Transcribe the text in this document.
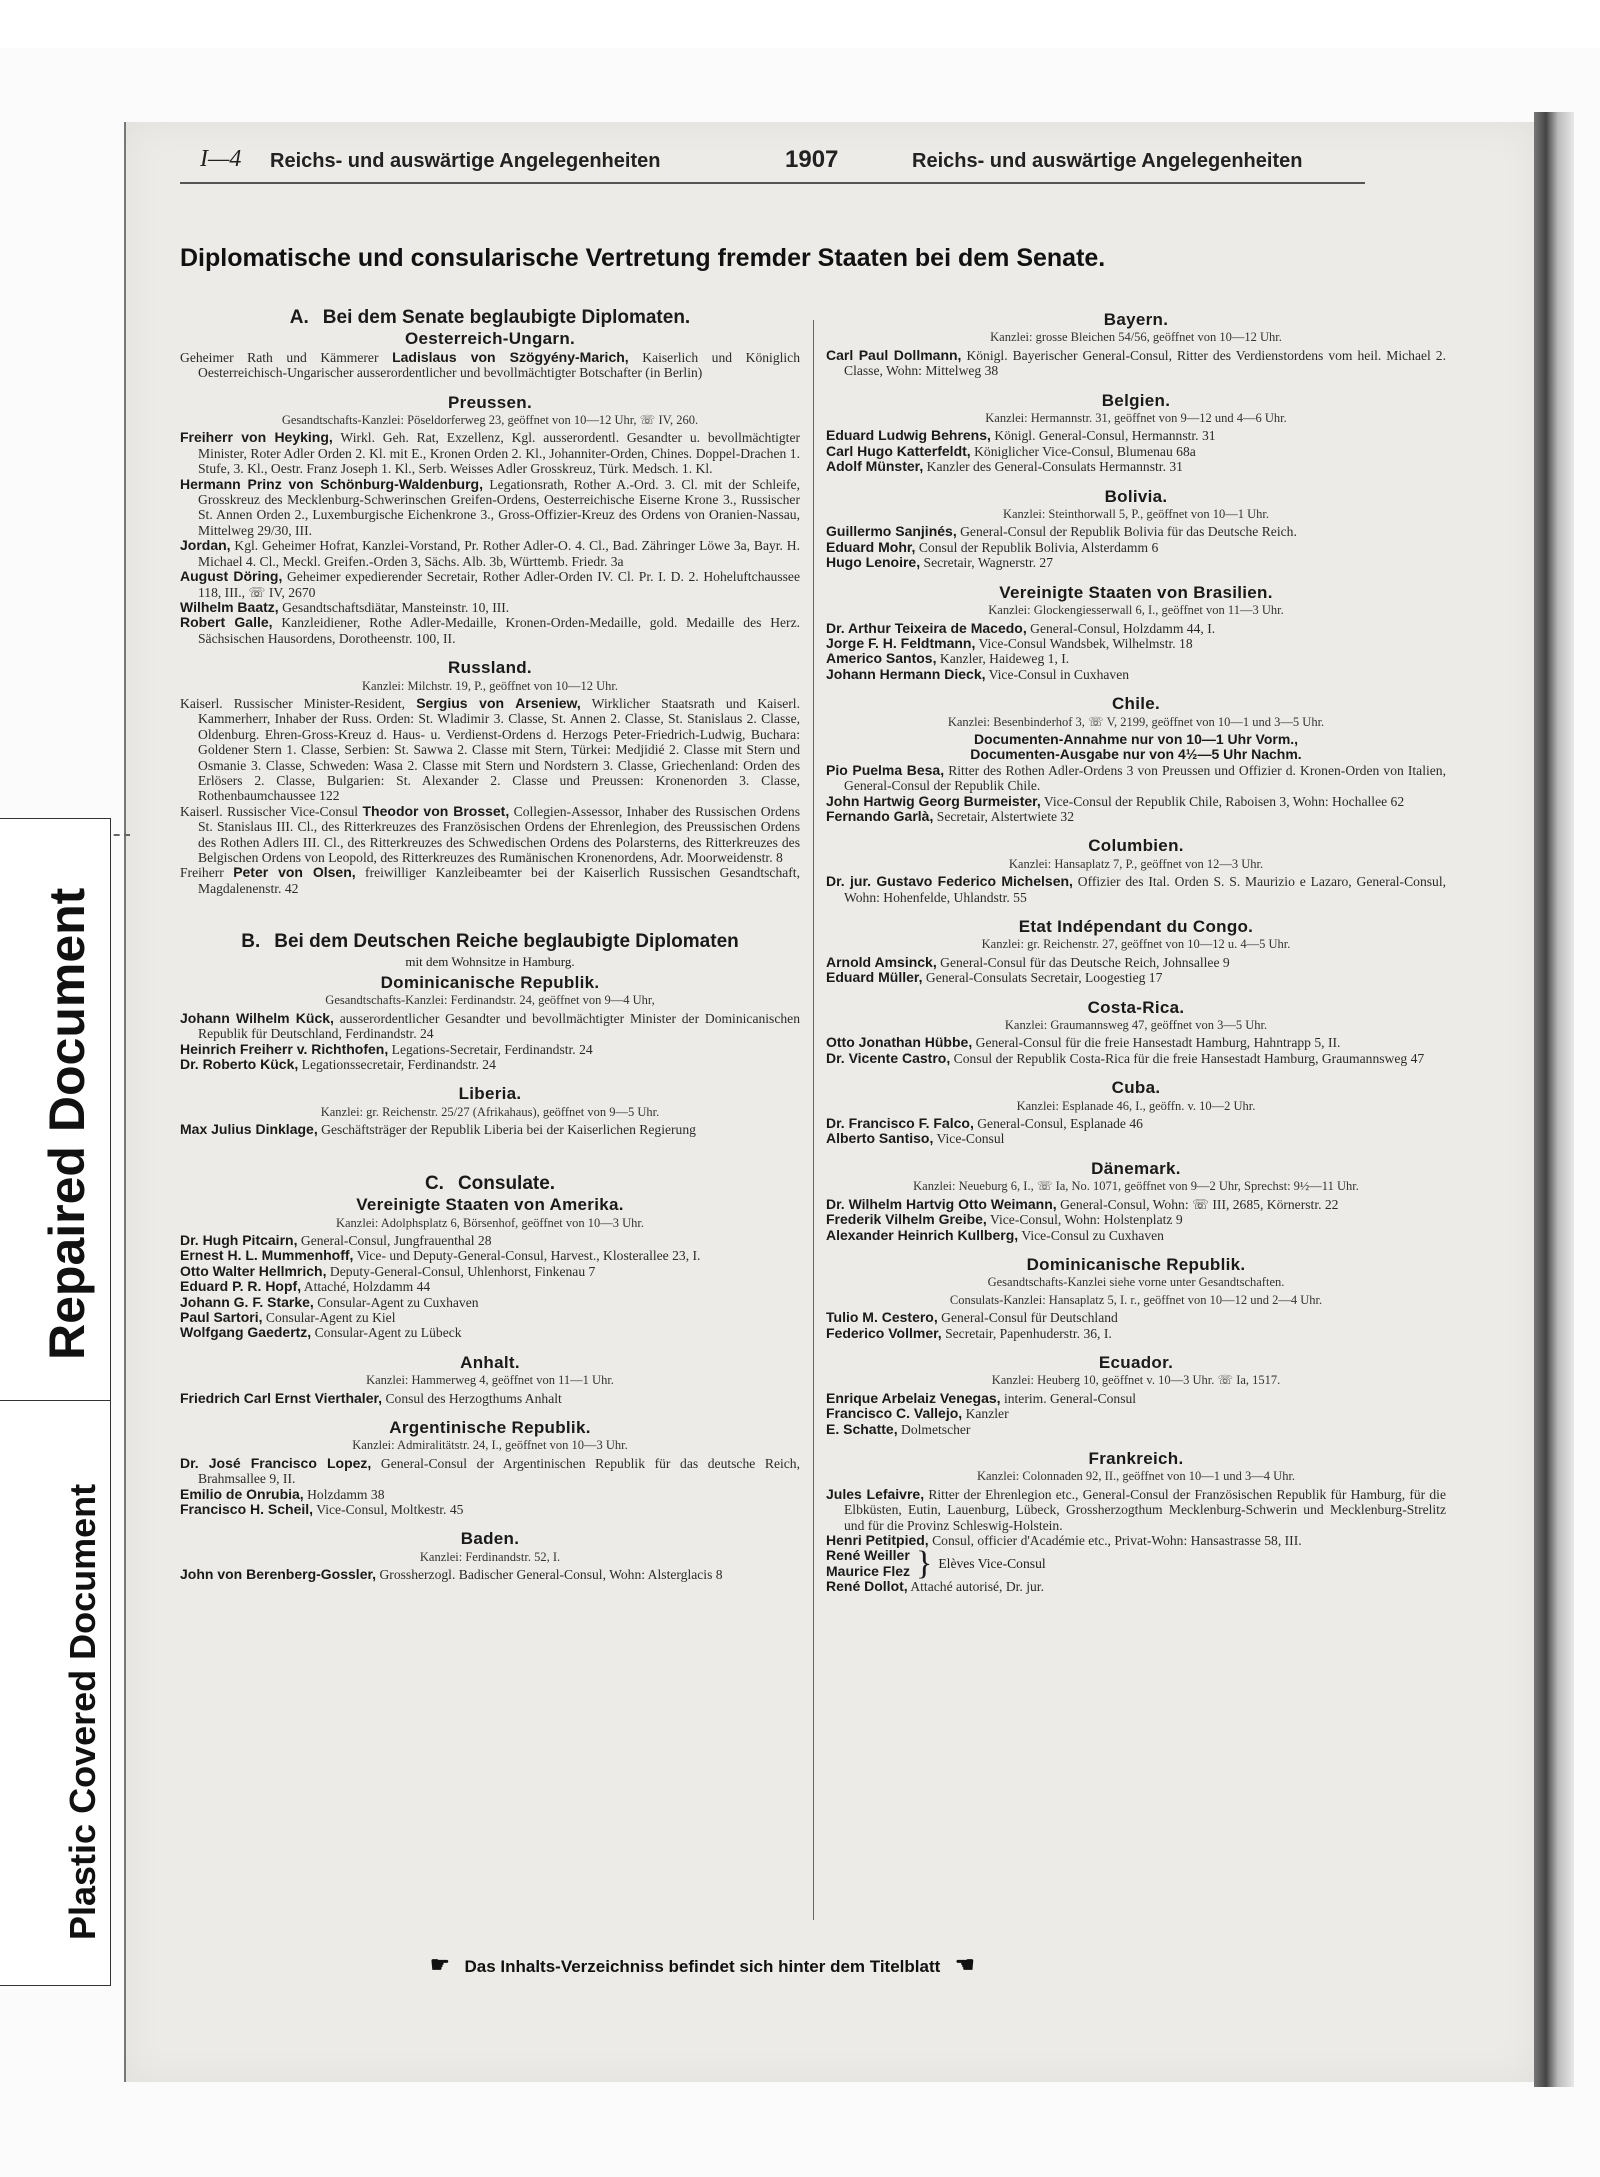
Repaired Document
Plastic Covered Document
I—4 Reichs- und auswärtige Angelegenheiten	1907	Reichs- und auswärtige Angelegenheiten
Diplomatische und consularische Vertretung fremder Staaten bei dem Senate.
A. Bei dem Senate beglaubigte Diplomaten.
Oesterreich-Ungarn.

Geheimer Rath und Kämmerer Ladislaus von Szögyény-Marich, Kaiserlich und Königlich Oesterreichisch-Ungarischer ausserordentlicher und bevollmächtigter Botschafter (in Berlin)

Preussen.
Gesandtschafts-Kanzlei: Pöseldorferweg 23, geöffnet von 10—12 Uhr, ☏ IV, 260.

Freiherr von Heyking, Wirkl. Geh. Rat, Exzellenz, Kgl. ausserordentl. Gesandter u. bevollmächtigter Minister, Roter Adler Orden 2. Kl. mit E., Kronen Orden 2. Kl., Johanniter-Orden, Chines. Doppel-Drachen 1. Stufe, 3. Kl., Oestr. Franz Joseph 1. Kl., Serb. Weisses Adler Grosskreuz, Türk. Medsch. 1. Kl.

Hermann Prinz von Schönburg-Waldenburg, Legationsrath, Rother A.-Ord. 3. Cl. mit der Schleife, Grosskreuz des Mecklenburg-Schwerinschen Greifen-Ordens, Oesterreichische Eiserne Krone 3., Russischer St. Annen Orden 2., Luxemburgische Eichenkrone 3., Gross-Offizier-Kreuz des Ordens von Oranien-Nassau, Mittelweg 29/30, III.

Jordan, Kgl. Geheimer Hofrat, Kanzlei-Vorstand, Pr. Rother Adler-O. 4. Cl., Bad. Zähringer Löwe 3a, Bayr. H. Michael 4. Cl., Meckl. Greifen.-Orden 3, Sächs. Alb. 3b, Württemb. Friedr. 3a

August Döring, Geheimer expedierender Secretair, Rother Adler-Orden IV. Cl. Pr. I. D. 2. Hoheluftchaussee 118, III., ☏ IV, 2670

Wilhelm Baatz, Gesandtschaftsdiätar, Mansteinstr. 10, III.

Robert Galle, Kanzleidiener, Rothe Adler-Medaille, Kronen-Orden-Medaille, gold. Medaille des Herz. Sächsischen Hausordens, Dorotheenstr. 100, II.

Russland.
Kanzlei: Milchstr. 19, P., geöffnet von 10—12 Uhr.

Kaiserl. Russischer Minister-Resident, Sergius von Arseniew, Wirklicher Staatsrath und Kaiserl. Kammerherr, Inhaber der Russ. Orden: St. Wladimir 3. Classe, St. Annen 2. Classe, St. Stanislaus 2. Classe, Oldenburg. Ehren-Gross-Kreuz d. Haus- u. Verdienst-Ordens d. Herzogs Peter-Friedrich-Ludwig, Buchara: Goldener Stern 1. Classe, Serbien: St. Sawwa 2. Classe mit Stern, Türkei: Medjidié 2. Classe mit Stern und Osmanie 3. Classe, Schweden: Wasa 2. Classe mit Stern und Nordstern 3. Classe, Griechenland: Orden des Erlösers 2. Classe, Bulgarien: St. Alexander 2. Classe und Preussen: Kronenorden 3. Classe, Rothenbaumchaussee 122

Kaiserl. Russischer Vice-Consul Theodor von Brosset, Collegien-Assessor, Inhaber des Russischen Ordens St. Stanislaus III. Cl., des Ritterkreuzes des Französischen Ordens der Ehrenlegion, des Preussischen Ordens des Rothen Adlers III. Cl., des Ritterkreuzes des Schwedischen Ordens des Polarsterns, des Ritterkreuzes des Belgischen Ordens von Leopold, des Ritterkreuzes des Rumänischen Kronenordens, Adr. Moorweidenstr. 8

Freiherr Peter von Olsen, freiwilliger Kanzleibeamter bei der Kaiserlich Russischen Gesandtschaft, Magdalenenstr. 42

B. Bei dem Deutschen Reiche beglaubigte Diplomaten
mit dem Wohnsitze in Hamburg.
Dominicanische Republik.
Gesandtschafts-Kanzlei: Ferdinandstr. 24, geöffnet von 9—4 Uhr,

Johann Wilhelm Kück, ausserordentlicher Gesandter und bevollmächtigter Minister der Dominicanischen Republik für Deutschland, Ferdinandstr. 24

Heinrich Freiherr v. Richthofen, Legations-Secretair, Ferdinandstr. 24

Dr. Roberto Kück, Legationssecretair, Ferdinandstr. 24

Liberia.
Kanzlei: gr. Reichenstr. 25/27 (Afrikahaus), geöffnet von 9—5 Uhr.

Max Julius Dinklage, Geschäftsträger der Republik Liberia bei der Kaiserlichen Regierung

C. Consulate.
Vereinigte Staaten von Amerika.
Kanzlei: Adolphsplatz 6, Börsenhof, geöffnet von 10—3 Uhr.

Dr. Hugh Pitcairn, General-Consul, Jungfrauenthal 28

Ernest H. L. Mummenhoff, Vice- und Deputy-General-Consul, Harvest., Klosterallee 23, I.

Otto Walter Hellmrich, Deputy-General-Consul, Uhlenhorst, Finkenau 7

Eduard P. R. Hopf, Attaché, Holzdamm 44

Johann G. F. Starke, Consular-Agent zu Cuxhaven

Paul Sartori, Consular-Agent zu Kiel

Wolfgang Gaedertz, Consular-Agent zu Lübeck

Anhalt.
Kanzlei: Hammerweg 4, geöffnet von 11—1 Uhr.

Friedrich Carl Ernst Vierthaler, Consul des Herzogthums Anhalt

Argentinische Republik.
Kanzlei: Admiralitätstr. 24, I., geöffnet von 10—3 Uhr.

Dr. José Francisco Lopez, General-Consul der Argentinischen Republik für das deutsche Reich, Brahmsallee 9, II.

Emilio de Onrubia, Holzdamm 38

Francisco H. Scheil, Vice-Consul, Moltkestr. 45

Baden.
Kanzlei: Ferdinandstr. 52, I.

John von Berenberg-Gossler, Grossherzogl. Badischer General-Consul, Wohn: Alsterglacis 8

Bayern.
Kanzlei: grosse Bleichen 54/56, geöffnet von 10—12 Uhr.

Carl Paul Dollmann, Königl. Bayerischer General-Consul, Ritter des Verdienstordens vom heil. Michael 2. Classe, Wohn: Mittelweg 38

Belgien.
Kanzlei: Hermannstr. 31, geöffnet von 9—12 und 4—6 Uhr.

Eduard Ludwig Behrens, Königl. General-Consul, Hermannstr. 31

Carl Hugo Katterfeldt, Königlicher Vice-Consul, Blumenau 68a

Adolf Münster, Kanzler des General-Consulats Hermannstr. 31

Bolivia.
Kanzlei: Steinthorwall 5, P., geöffnet von 10—1 Uhr.

Guillermo Sanjinés, General-Consul der Republik Bolivia für das Deutsche Reich.

Eduard Mohr, Consul der Republik Bolivia, Alsterdamm 6

Hugo Lenoire, Secretair, Wagnerstr. 27

Vereinigte Staaten von Brasilien.
Kanzlei: Glockengiesserwall 6, I., geöffnet von 11—3 Uhr.

Dr. Arthur Teixeira de Macedo, General-Consul, Holzdamm 44, I.

Jorge F. H. Feldtmann, Vice-Consul Wandsbek, Wilhelmstr. 18

Americo Santos, Kanzler, Haideweg 1, I.

Johann Hermann Dieck, Vice-Consul in Cuxhaven

Chile.
Kanzlei: Besenbinderhof 3, ☏ V, 2199, geöffnet von 10—1 und 3—5 Uhr.

Documenten-Annahme nur von 10—1 Uhr Vorm.,

Documenten-Ausgabe nur von 4½—5 Uhr Nachm.

Pio Puelma Besa, Ritter des Rothen Adler-Ordens 3 von Preussen und Offizier d. Kronen-Orden von Italien, General-Consul der Republik Chile.

John Hartwig Georg Burmeister, Vice-Consul der Republik Chile, Raboisen 3, Wohn: Hochallee 62

Fernando Garlà, Secretair, Alstertwiete 32

Columbien.
Kanzlei: Hansaplatz 7, P., geöffnet von 12—3 Uhr.

Dr. jur. Gustavo Federico Michelsen, Offizier des Ital. Orden S. S. Maurizio e Lazaro, General-Consul, Wohn: Hohenfelde, Uhlandstr. 55

Etat Indépendant du Congo.
Kanzlei: gr. Reichenstr. 27, geöffnet von 10—12 u. 4—5 Uhr.

Arnold Amsinck, General-Consul für das Deutsche Reich, Johnsallee 9

Eduard Müller, General-Consulats Secretair, Loogestieg 17

Costa-Rica.
Kanzlei: Graumannsweg 47, geöffnet von 3—5 Uhr.

Otto Jonathan Hübbe, General-Consul für die freie Hansestadt Hamburg, Hahntrapp 5, II.

Dr. Vicente Castro, Consul der Republik Costa-Rica für die freie Hansestadt Hamburg, Graumannsweg 47

Cuba.
Kanzlei: Esplanade 46, I., geöffn. v. 10—2 Uhr.

Dr. Francisco F. Falco, General-Consul, Esplanade 46

Alberto Santiso, Vice-Consul

Dänemark.
Kanzlei: Neueburg 6, I., ☏ Ia, No. 1071, geöffnet von 9—2 Uhr, Sprechst: 9½—11 Uhr.

Dr. Wilhelm Hartvig Otto Weimann, General-Consul, Wohn: ☏ III, 2685, Körnerstr. 22

Frederik Vilhelm Greibe, Vice-Consul, Wohn: Holstenplatz 9

Alexander Heinrich Kullberg, Vice-Consul zu Cuxhaven

Dominicanische Republik.
Gesandtschafts-Kanzlei siehe vorne unter Gesandtschaften.
Consulats-Kanzlei: Hansaplatz 5, I. r., geöffnet von 10—12 und 2—4 Uhr.

Tulio M. Cestero, General-Consul für Deutschland

Federico Vollmer, Secretair, Papenhuderstr. 36, I.

Ecuador.
Kanzlei: Heuberg 10, geöffnet v. 10—3 Uhr. ☏ Ia, 1517.

Enrique Arbelaiz Venegas, interim. General-Consul

Francisco C. Vallejo, Kanzler

E. Schatte, Dolmetscher

Frankreich.
Kanzlei: Colonnaden 92, II., geöffnet von 10—1 und 3—4 Uhr.

Jules Lefaivre, Ritter der Ehrenlegion etc., General-Consul der Französischen Republik für Hamburg, für die Elbküsten, Eutin, Lauenburg, Lübeck, Grossherzogthum Mecklenburg-Schwerin und Mecklenburg-Strelitz und für die Provinz Schleswig-Holstein.

Henri Petitpied, Consul, officier d'Académie etc., Privat-Wohn: Hansastrasse 58, III.

René Weiller
Maurice Flez } Elèves Vice-Consul

René Dollot, Attaché autorisé, Dr. jur.

☛ Das Inhalts-Verzeichniss befindet sich hinter dem Titelblatt ☚
